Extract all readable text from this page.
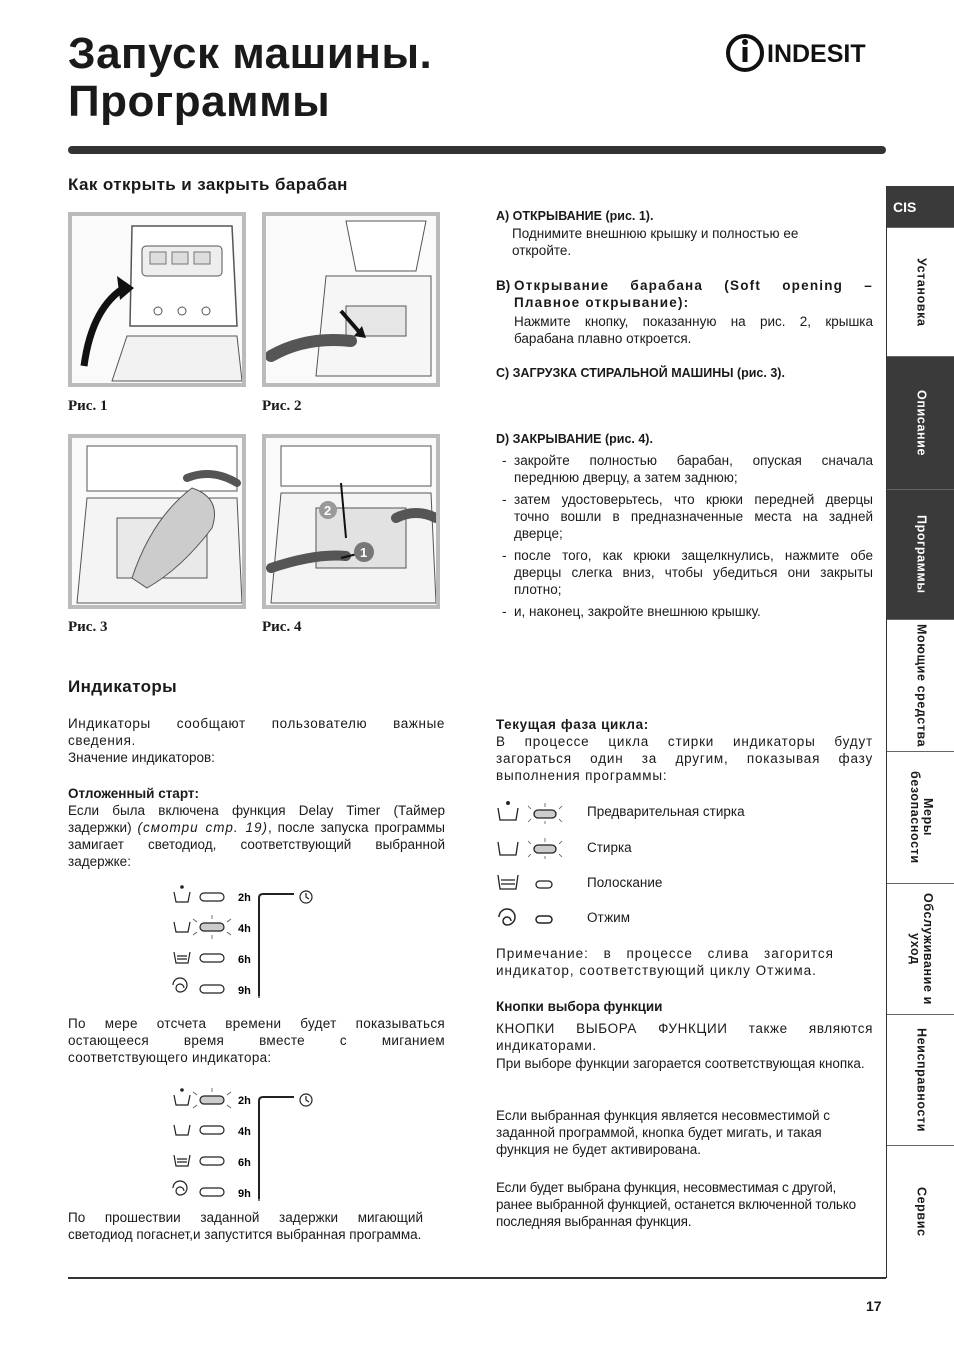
Запуск машины.
Программы
INDESIT
Как открыть и закрыть барабан
2
1
Рис. 1	Рис. 2
Рис. 3	Рис. 4
A) ОТКРЫВАНИЕ (рис. 1).
Поднимите внешнюю крышку и полностью ее откройте.
B) Открывание барабана (Soft opening – Плавное открывание):
Нажмите кнопку, показанную на рис. 2, крышка барабана плавно откроется.
C) ЗАГРУЗКА СТИРАЛЬНОЙ МАШИНЫ (рис. 3).
D) ЗАКРЫВАНИЕ (рис. 4).
- закройте полностью барабан, опуская сначала переднюю дверцу, а затем заднюю;
- затем удостоверьтесь, что крюки передней дверцы точно вошли в предназначенные места на задней дверце;
- после того, как крюки защелкнулись, нажмите обе дверцы слегка вниз, чтобы убедиться они закрыты плотно;
- и, наконец, закройте внешнюю крышку.
Индикаторы
Индикаторы сообщают пользователю важные сведения.
Значение индикаторов:
Отложенный старт:
Если была включена функция Delay Timer (Таймер задержки) (смотри стр. 19), после запуска программы замигает светодиод, соответствующий выбранной задержке:
2h
4h
6h
9h
По мере отсчета времени будет показываться остающееся время вместе с миганием соответствующего индикатора:
2h
4h
6h
9h
По прошествии заданной задержки мигающий светодиод погаснет,и запустится выбранная программа.
Текущая фаза цикла:
В процессе цикла стирки индикаторы будут загораться один за другим, показывая фазу выполнения программы:
Предварительная стирка
Стирка
Полоскание
Отжим
Примечание: в процессе слива загорится индикатор, соответствующий циклу Отжима.
Кнопки выбора функции
КНОПКИ ВЫБОРА ФУНКЦИИ также являются индикаторами.
При выборе функции загорается соответствующая кнопка.
Если выбранная функция является несовместимой с заданной программой, кнопка будет мигать, и такая функция не будет активирована.
Если будет выбрана функция, несовместимая с другой, ранее выбранной функцией, останется включенной только последняя выбранная функция.
CIS
Установка
Описание
Программы
Моющие средства
Меры безопасности
Обслуживание и уход
Неисправности
Сервис
17
